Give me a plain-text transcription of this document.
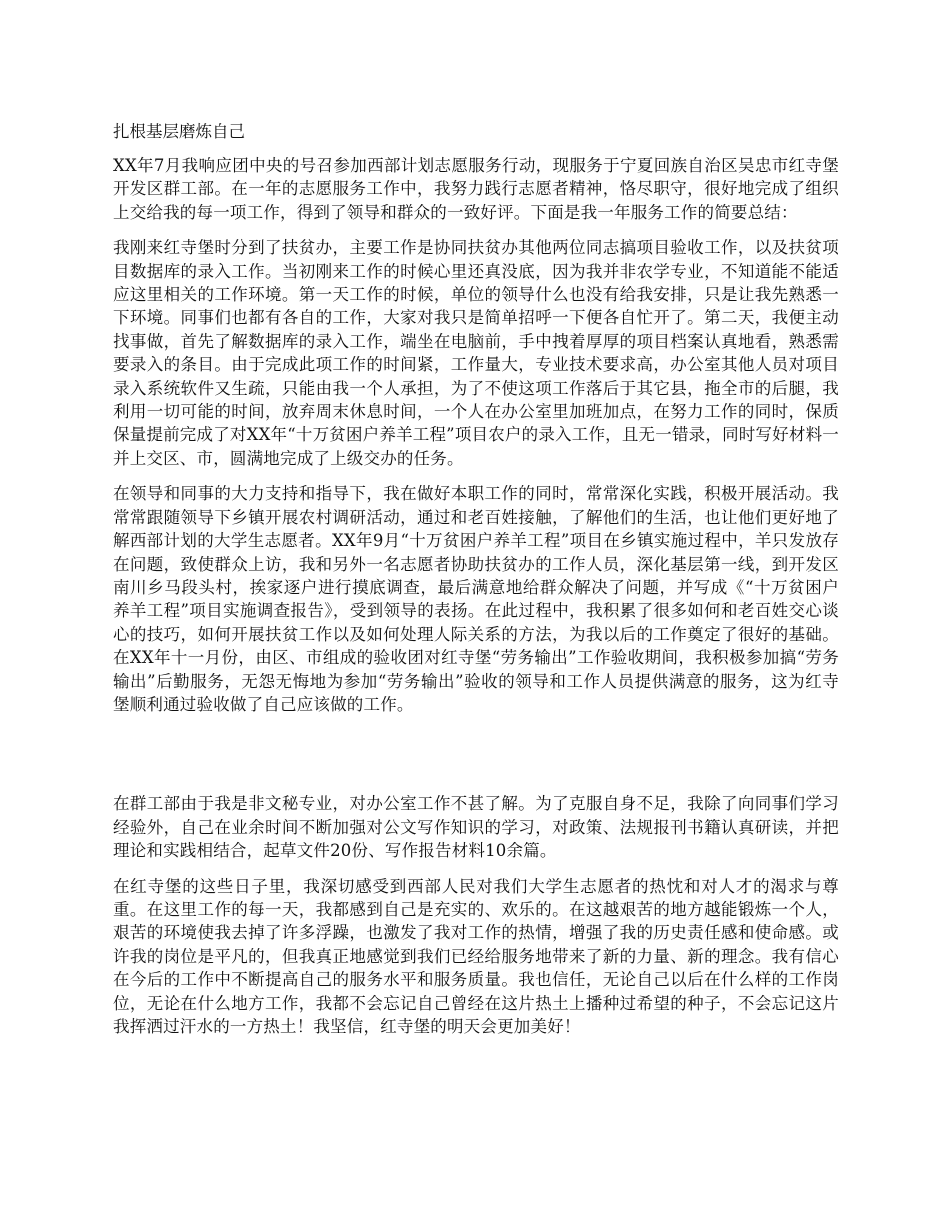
扎根基层磨炼自己

XX年7月我响应团中央的号召参加西部计划志愿服务行动，现服务于宁夏回族自治区吴忠市红寺堡开发区群工部。在一年的志愿服务工作中，我努力践行志愿者精神，恪尽职守，很好地完成了组织上交给我的每一项工作，得到了领导和群众的一致好评。下面是我一年服务工作的简要总结：

我刚来红寺堡时分到了扶贫办，主要工作是协同扶贫办其他两位同志搞项目验收工作，以及扶贫项目数据库的录入工作。当初刚来工作的时候心里还真没底，因为我并非农学专业，不知道能不能适应这里相关的工作环境。第一天工作的时候，单位的领导什么也没有给我安排，只是让我先熟悉一下环境。同事们也都有各自的工作，大家对我只是简单招呼一下便各自忙开了。第二天，我便主动找事做，首先了解数据库的录入工作，端坐在电脑前，手中拽着厚厚的项目档案认真地看，熟悉需要录入的条目。由于完成此项工作的时间紧，工作量大，专业技术要求高，办公室其他人员对项目录入系统软件又生疏，只能由我一个人承担，为了不使这项工作落后于其它县，拖全市的后腿，我利用一切可能的时间，放弃周末休息时间，一个人在办公室里加班加点，在努力工作的同时，保质保量提前完成了对XX年“十万贫困户养羊工程”项目农户的录入工作，且无一错录，同时写好材料一并上交区、市，圆满地完成了上级交办的任务。

在领导和同事的大力支持和指导下，我在做好本职工作的同时，常常深化实践，积极开展活动。我常常跟随领导下乡镇开展农村调研活动，通过和老百姓接触，了解他们的生活，也让他们更好地了解西部计划的大学生志愿者。XX年9月“十万贫困户养羊工程”项目在乡镇实施过程中，羊只发放存在问题，致使群众上访，我和另外一名志愿者协助扶贫办的工作人员，深化基层第一线，到开发区南川乡马段头村，挨家逐户进行摸底调查，最后满意地给群众解决了问题，并写成《“十万贫困户养羊工程”项目实施调查报告》，受到领导的表扬。在此过程中，我积累了很多如何和老百姓交心谈心的技巧，如何开展扶贫工作以及如何处理人际关系的方法，为我以后的工作奠定了很好的基础。在XX年十一月份，由区、市组成的验收团对红寺堡“劳务输出”工作验收期间，我积极参加搞“劳务输出”后勤服务，无怨无悔地为参加“劳务输出”验收的领导和工作人员提供满意的服务，这为红寺堡顺利通过验收做了自己应该做的工作。

在群工部由于我是非文秘专业，对办公室工作不甚了解。为了克服自身不足，我除了向同事们学习经验外，自己在业余时间不断加强对公文写作知识的学习，对政策、法规报刊书籍认真研读，并把理论和实践相结合，起草文件20份、写作报告材料10余篇。

在红寺堡的这些日子里，我深切感受到西部人民对我们大学生志愿者的热忱和对人才的渴求与尊重。在这里工作的每一天，我都感到自己是充实的、欢乐的。在这越艰苦的地方越能锻炼一个人，艰苦的环境使我去掉了许多浮躁，也激发了我对工作的热情，增强了我的历史责任感和使命感。或许我的岗位是平凡的，但我真正地感觉到我们已经给服务地带来了新的力量、新的理念。我有信心在今后的工作中不断提高自己的服务水平和服务质量。我也信任，无论自己以后在什么样的工作岗位，无论在什么地方工作，我都不会忘记自己曾经在这片热土上播种过希望的种子，不会忘记这片我挥洒过汗水的一方热土！我坚信，红寺堡的明天会更加美好！
